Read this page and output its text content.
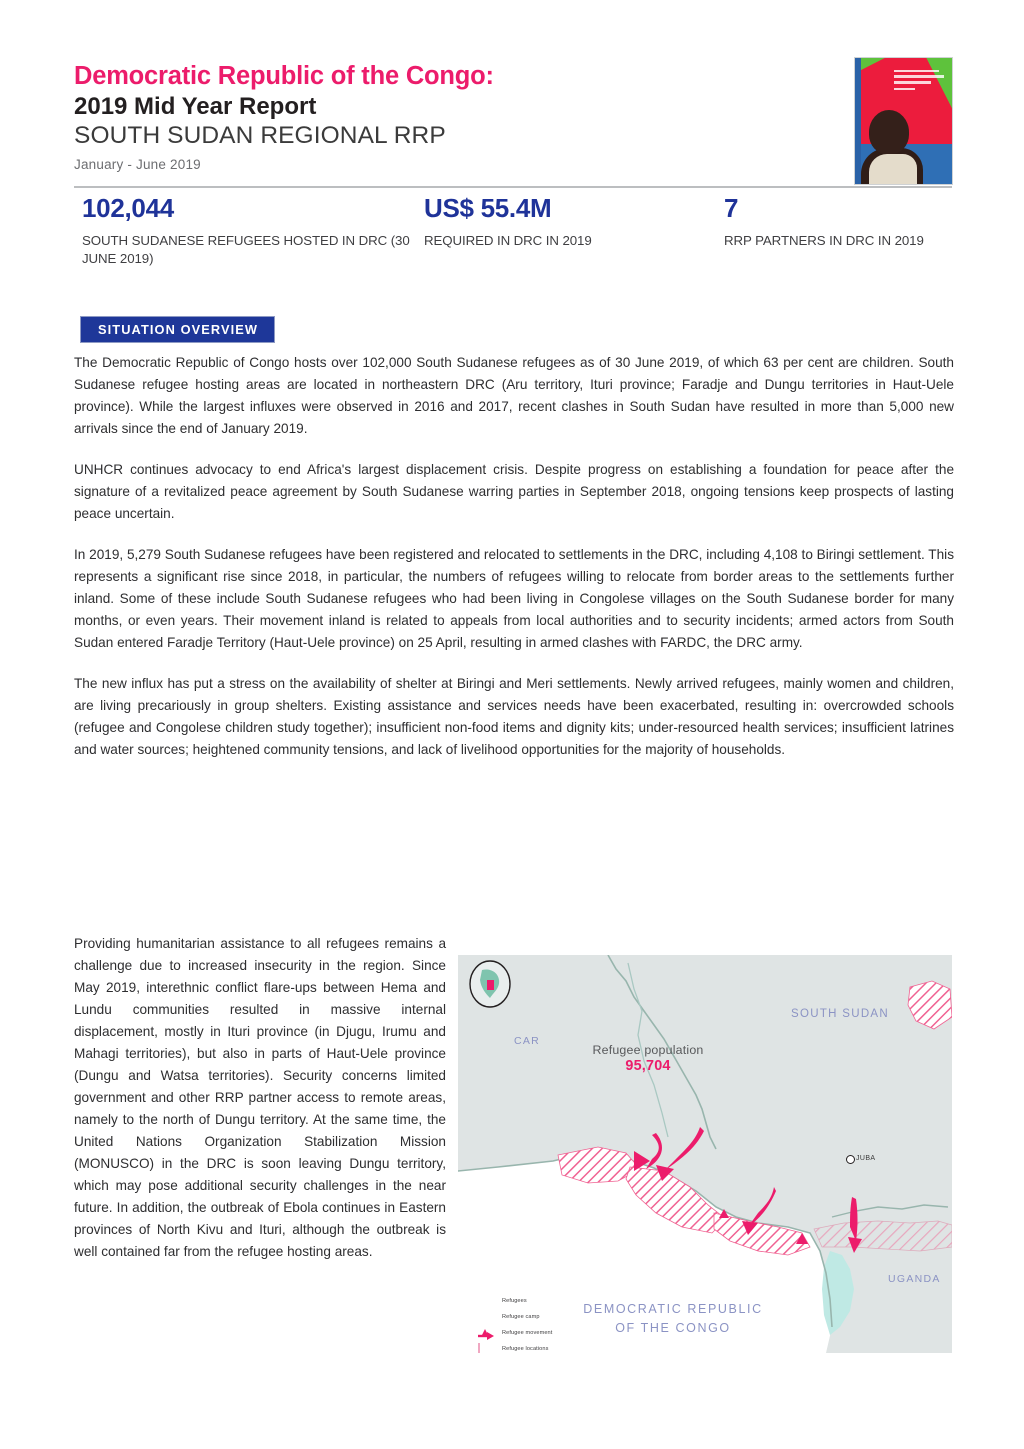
Democratic Republic of the Congo:
2019 Mid Year Report
SOUTH SUDAN REGIONAL RRP
January - June 2019
102,044
SOUTH SUDANESE REFUGEES HOSTED IN DRC (30 JUNE 2019)
US$ 55.4M
REQUIRED IN DRC IN 2019
7
RRP PARTNERS IN DRC IN 2019
SITUATION OVERVIEW

The Democratic Republic of Congo hosts over 102,000 South Sudanese refugees as of 30 June 2019, of which 63 per cent are children. South Sudanese refugee hosting areas are located in northeastern DRC (Aru territory, Ituri province; Faradje and Dungu territories in Haut-Uele province). While the largest influxes were observed in 2016 and 2017, recent clashes in South Sudan have resulted in more than 5,000 new arrivals since the end of January 2019.

UNHCR continues advocacy to end Africa's largest displacement crisis. Despite progress on establishing a foundation for peace after the signature of a revitalized peace agreement by South Sudanese warring parties in September 2018, ongoing tensions keep prospects of lasting peace uncertain.

In 2019, 5,279 South Sudanese refugees have been registered and relocated to settlements in the DRC, including 4,108 to Biringi settlement. This represents a significant rise since 2018, in particular, the numbers of refugees willing to relocate from border areas to the settlements further inland. Some of these include South Sudanese refugees who had been living in Congolese villages on the South Sudanese border for many months, or even years. Their movement inland is related to appeals from local authorities and to security incidents; armed actors from South Sudan entered Faradje Territory (Haut-Uele province) on 25 April, resulting in armed clashes with FARDC, the DRC army.

The new influx has put a stress on the availability of shelter at Biringi and Meri settlements. Newly arrived refugees, mainly women and children, are living precariously in group shelters. Existing assistance and services needs have been exacerbated, resulting in: overcrowded schools (refugee and Congolese children study together); insufficient non-food items and dignity kits; under-resourced health services; insufficient latrines and water sources; heightened community tensions, and lack of livelihood opportunities for the majority of households.

Providing humanitarian assistance to all refugees remains a challenge due to increased insecurity in the region. Since May 2019, interethnic conflict flare-ups between Hema and Lundu communities resulted in massive internal displacement, mostly in Ituri province (in Djugu, Irumu and Mahagi territories), but also in parts of Haut-Uele province (Dungu and Watsa territories). Security concerns limited government and other RRP partner access to remote areas, namely to the north of Dungu territory. At the same time, the United Nations Organization Stabilization Mission (MONUSCO) in the DRC is soon leaving Dungu territory, which may pose additional security challenges in the near future. In addition, the outbreak of Ebola continues in Eastern provinces of North Kivu and Ituri, although the outbreak is well contained far from the refugee hosting areas.

SOUTH SUDAN
CAR
UGANDA
DEMOCRATIC REPUBLIC
OF THE CONGO
JUBA
Refugee population
95,704
Refugees
Refugee camp
Refugee movement
Refugee locations
